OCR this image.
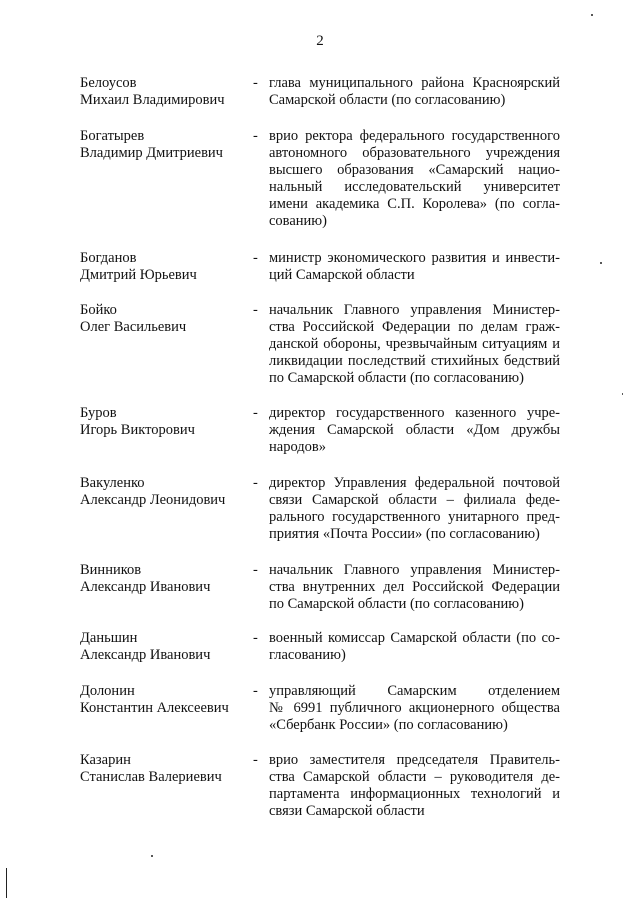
2
Белоусов
Михаил Владимирович
- глава муниципального района Красноярский
Самарской области (по согласованию)
Богатырев
Владимир Дмитриевич
- врио ректора федерального государственного
автономного образовательного учреждения
высшего образования «Самарский нацио-
нальный исследовательский университет
имени академика С.П. Королева» (по согла-
сованию)
Богданов
Дмитрий Юрьевич
- министр экономического развития и инвести-
ций Самарской области
Бойко
Олег Васильевич
- начальник Главного управления Министер-
ства Российской Федерации по делам граж-
данской обороны, чрезвычайным ситуациям и
ликвидации последствий стихийных бедствий
по Самарской области (по согласованию)
Буров
Игорь Викторович
- директор государственного казенного учре-
ждения Самарской области «Дом дружбы
народов»
Вакуленко
Александр Леонидович
- директор Управления федеральной почтовой
связи Самарской области – филиала феде-
рального государственного унитарного пред-
приятия «Почта России» (по согласованию)
Винников
Александр Иванович
- начальник Главного управления Министер-
ства внутренних дел Российской Федерации
по Самарской области (по согласованию)
Даньшин
Александр Иванович
- военный комиссар Самарской области (по со-
гласованию)
Долонин
Константин Алексеевич
- управляющий Самарским отделением
№ 6991 публичного акционерного общества
«Сбербанк России» (по согласованию)
Казарин
Станислав Валериевич
- врио заместителя председателя Правитель-
ства Самарской области – руководителя де-
партамента информационных технологий и
связи Самарской области
